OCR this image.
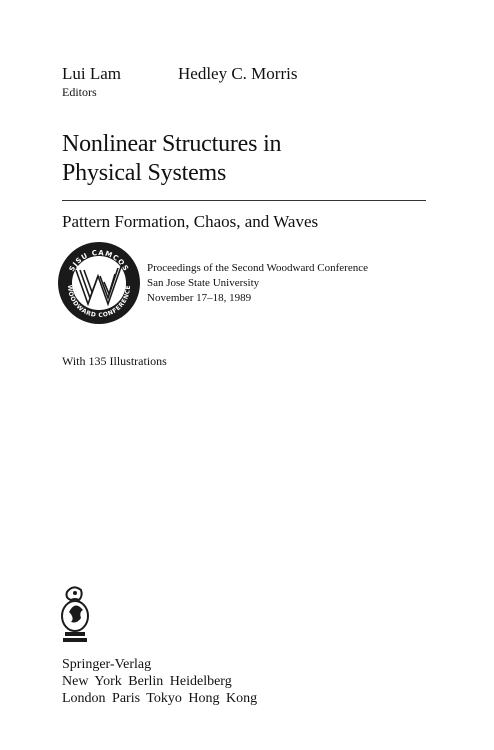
Lui Lam	Hedley C. Morris
Editors
Nonlinear Structures in
Physical Systems
Pattern Formation, Chaos, and Waves
SJSU CAMCOS
WOODWARD CONFERENCE
Proceedings of the Second Woodward Conference
San Jose State University
November 17–18, 1989
With 135 Illustrations
Springer-Verlag
New York Berlin Heidelberg
London Paris Tokyo Hong Kong
